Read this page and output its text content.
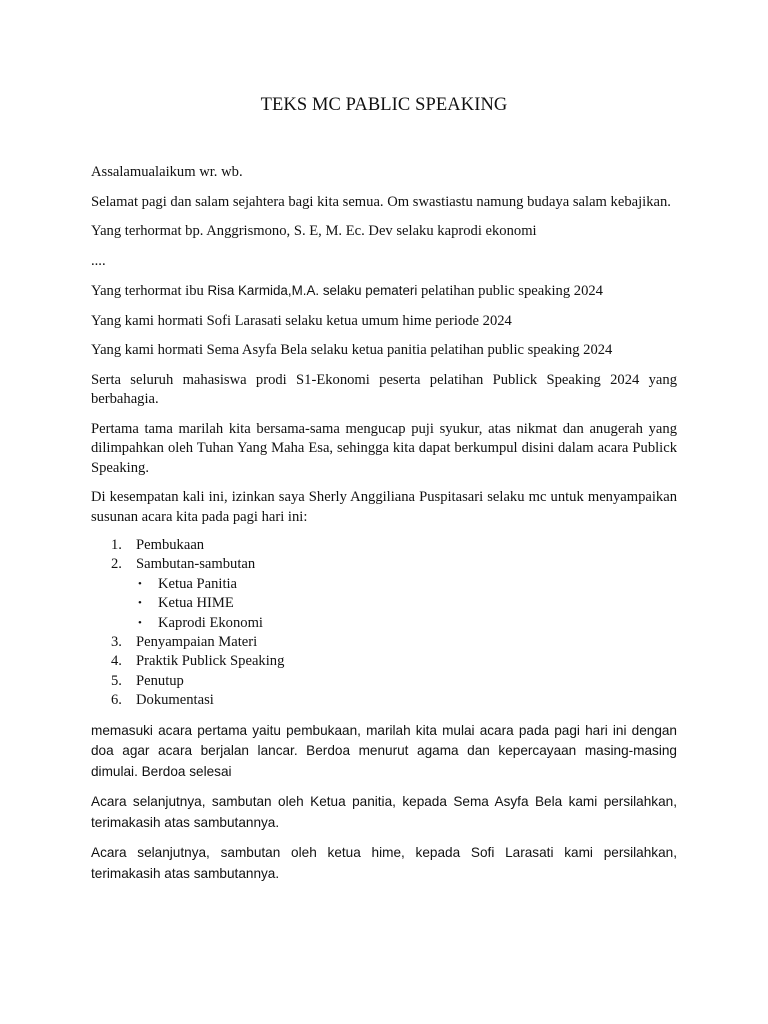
TEKS MC PABLIC SPEAKING

Assalamualaikum wr. wb.

Selamat pagi dan salam sejahtera bagi kita semua. Om swastiastu namung budaya salam kebajikan.

Yang terhormat bp. Anggrismono, S. E, M. Ec. Dev selaku kaprodi ekonomi

....

Yang terhormat ibu Risa Karmida,M.A. selaku pemateri pelatihan public speaking 2024

Yang kami hormati Sofi Larasati selaku ketua umum hime periode 2024

Yang kami hormati Sema Asyfa Bela selaku ketua panitia pelatihan public speaking 2024

Serta seluruh mahasiswa prodi S1-Ekonomi peserta pelatihan Publick Speaking 2024 yang berbahagia.

Pertama tama marilah kita bersama-sama mengucap puji syukur, atas nikmat dan anugerah yang dilimpahkan oleh Tuhan Yang Maha Esa, sehingga kita dapat berkumpul disini dalam acara Publick Speaking.

Di kesempatan kali ini, izinkan saya Sherly Anggiliana Puspitasari selaku mc untuk menyampaikan susunan acara kita pada pagi hari ini:

1. Pembukaan
2. Sambutan-sambutan
• Ketua Panitia
• Ketua HIME
• Kaprodi Ekonomi
3. Penyampaian Materi
4. Praktik Publick Speaking
5. Penutup
6. Dokumentasi

memasuki acara pertama yaitu pembukaan, marilah kita mulai acara pada pagi hari ini dengan doa agar acara berjalan lancar. Berdoa menurut agama dan kepercayaan masing-masing dimulai. Berdoa selesai

Acara selanjutnya, sambutan oleh Ketua panitia, kepada Sema Asyfa Bela kami persilahkan, terimakasih atas sambutannya.

Acara selanjutnya, sambutan oleh ketua hime, kepada Sofi Larasati kami persilahkan, terimakasih atas sambutannya.
